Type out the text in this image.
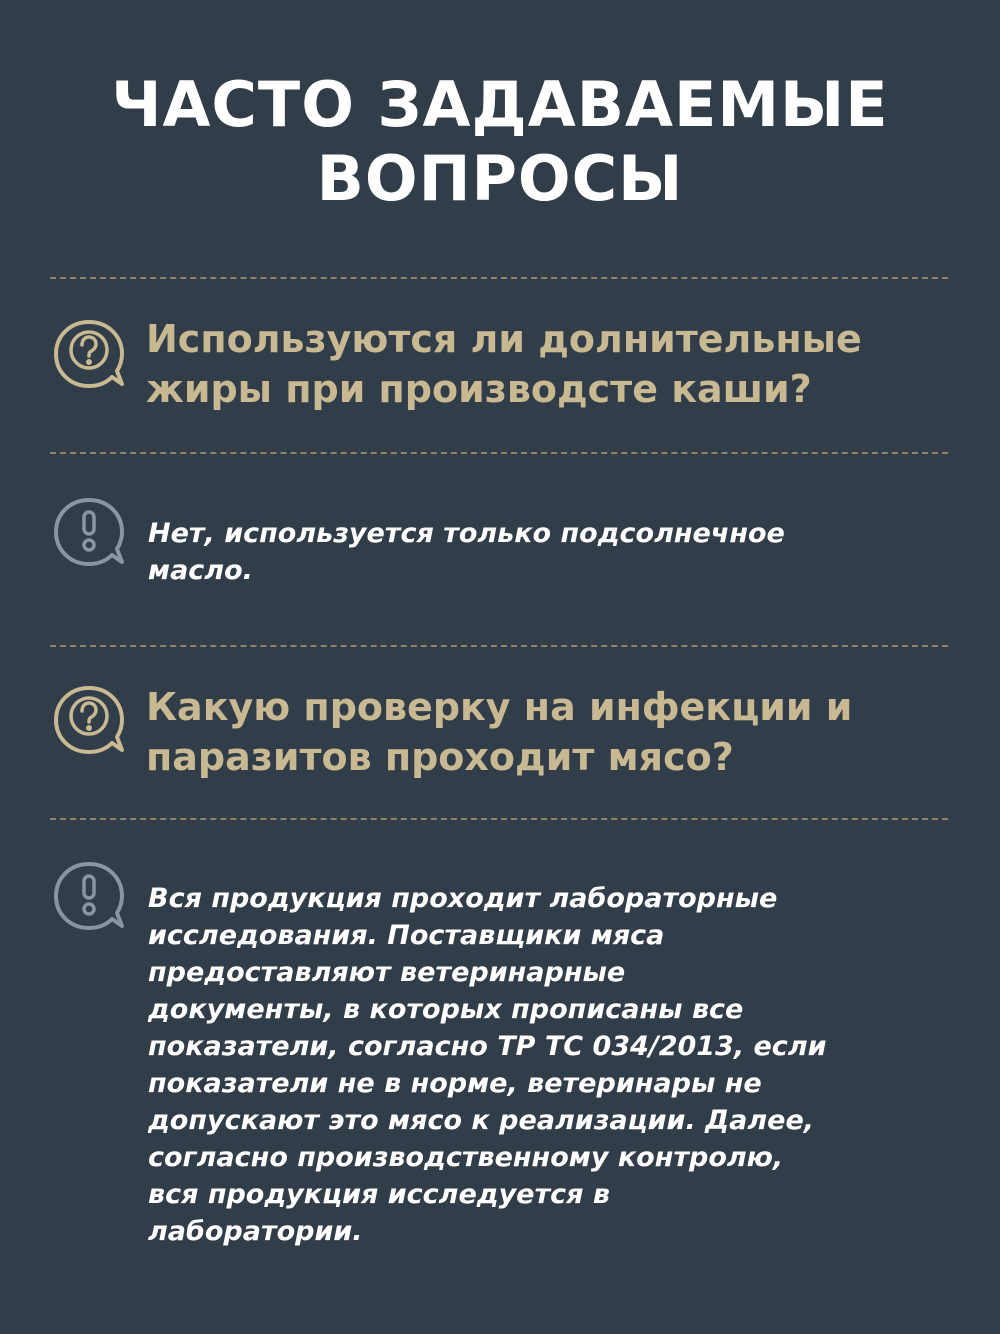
ЧАСТО ЗАДАВАЕМЫЕ
ВОПРОСЫ
Используются ли долнительные жиры при производсте каши?
Нет, используется только подсолнечное
масло.
Какую проверку на инфекции и паразитов проходит мясо?
Вся продукция проходит лабораторные
исследования. Поставщики мяса
предоставляют ветеринарные
документы, в которых прописаны все
показатели, согласно ТР ТС 034/2013, если
показатели не в норме, ветеринары не
допускают это мясо к реализации. Далее,
согласно производственному контролю,
вся продукция исследуется в
лаборатории.
